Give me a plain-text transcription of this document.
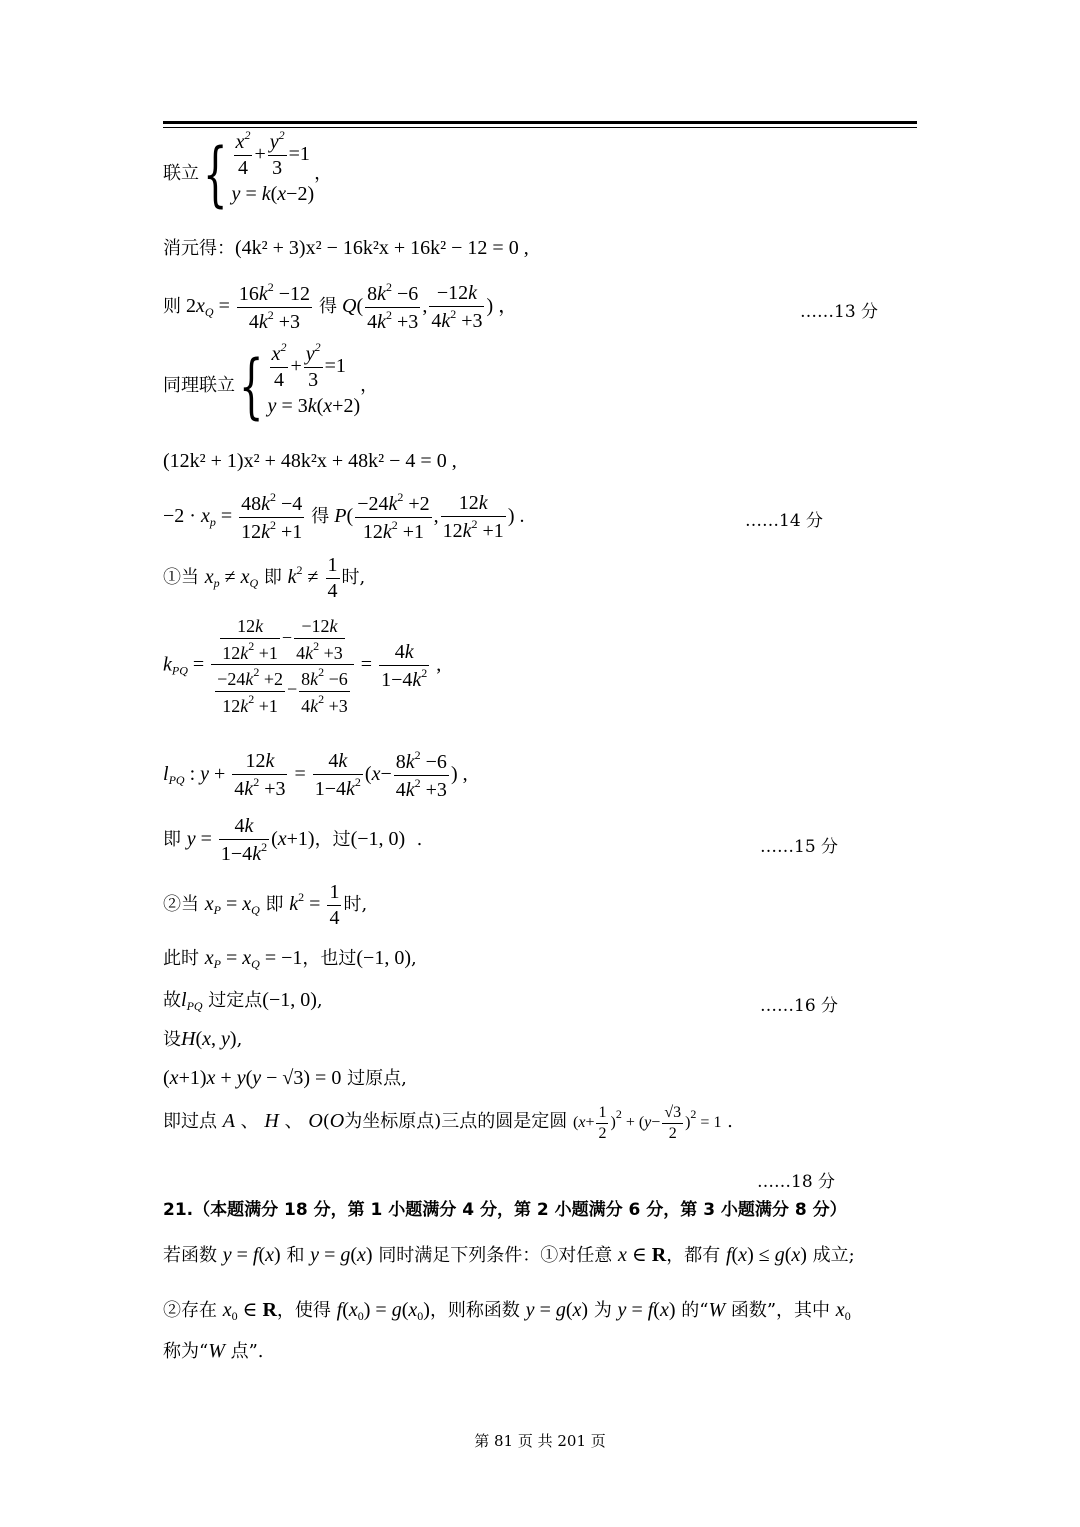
联立{ $\frac{x^2}{4} + \frac{y^2}{3} =1$
y = k ( x −2)
，
消元得：(4k² + 3)x² − 16k²x + 16k² − 12 = 0 ,
则 $2x_Q = \frac{16k^2 -12}{4k^2 +3}$ 得 $Q( \frac{8k^2 -6}{4k^2 +3}$ , $\frac{-12k}{4k^2 +3}$ ) ，	……13 分
同理联立{ $\frac{x^2}{4} + \frac{y^2}{3} =1$
y = 3 k ( x +2)
，
(12k² + 1)x² + 48k²x + 48k² − 4 = 0 ,
$-2 \cdot x_p = \frac{48k^2 -4}{12k^2 +1}$ 得 $P( \frac{-24k^2 +2}{12k^2 +1}$ , $\frac{12k}{12k^2 +1}$ ) .	……14 分
①当 $x_p \ne x_Q$ 即 $k^2 \ne \frac{1}{4}$ 时,
$k_{PQ} = \frac{\frac{12k}{12k^2 +1} - \frac{-12k}{4k^2 +3}}{\frac{-24k^2 +2}{12k^2 +1} - \frac{8k^2 -6}{4k^2 +3}} = \frac{4k}{1-4k^2}$ ,
$l_{PQ}$ : $y + \frac{12k}{4k^2 +3} = \frac{4k}{1-4k^2} (x- \frac{8k^2 -6}{4k^2 +3}$ ) ,
即 $y = \frac{4k}{1-4k^2} (x+1)$，过(−1, 0)  .	……15 分
②当 $x_P = x_Q$ 即 $k^2 = \frac{1}{4}$ 时,
此时 $x_P = x_Q = -1$，也过(−1, 0),
故$l_{PQ}$ 过定点(−1, 0),	……16 分
设H(x, y),
(x+1)x + y(y − √3) = 0 过原点,
即过点 A 、 H 、 O(O为坐标原点)三点的圆是定圆 $(x+ \frac{1}{2} )^2 + (y- \frac{√3}{2} )^2 = 1$ .
……18 分
21.（本题满分 18 分，第 1 小题满分 4 分，第 2 小题满分 6 分，第 3 小题满分 8 分）
若函数 y = f(x) 和 y = g(x) 同时满足下列条件：①对任意 x ∈ R，都有 f(x) ≤ g(x) 成立;
②存在 $x_0$ ∈ R，使得 $f(x_0) = g(x_0)$，则称函数 y = g(x) 为 y = f(x) 的“W 函数”，其中 $x_0$
称为“W 点”.
第 81 页 共 201 页
